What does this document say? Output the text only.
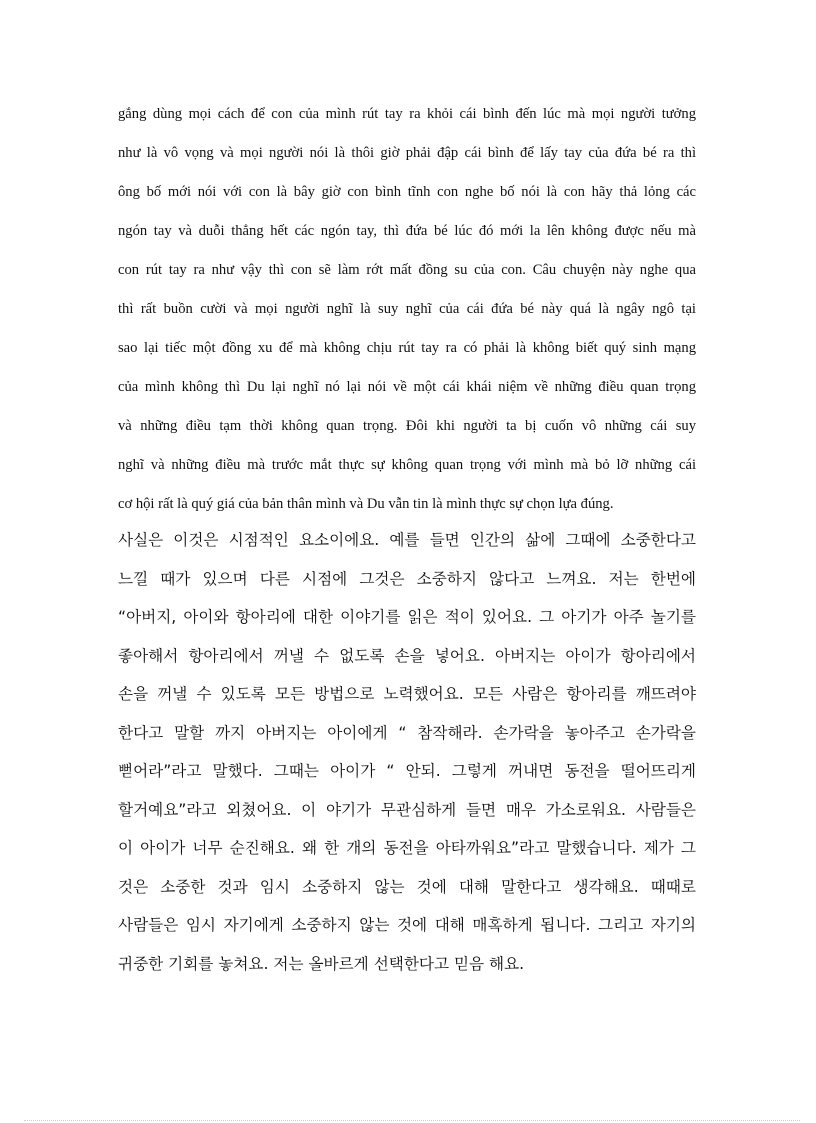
gắng dùng mọi cách để con của mình rút tay ra khỏi cái bình đến lúc mà mọi người tưởng
như là vô vọng và mọi người nói là thôi giờ phải đập cái bình để lấy tay của đứa bé ra thì
ông bố mới nói với con là bây giờ con bình tĩnh con nghe bố nói là con hãy thả lỏng các
ngón tay và duỗi thẳng hết các ngón tay, thì đứa bé lúc đó mới la lên không được nếu mà
con rút tay ra như vậy thì con sẽ làm rớt mất đồng su của con. Câu chuyện này nghe qua
thì rất buồn cười và mọi người nghĩ là suy nghĩ của cái đứa bé này quá là ngây ngô tại
sao lại tiếc một đồng xu để mà không chịu rút tay ra có phải là không biết quý sinh mạng
của mình không thì Du lại nghĩ nó lại nói về một cái khái niệm về những điều quan trọng
và những điều tạm thời không quan trọng. Đôi khi người ta bị cuốn vô những cái suy
nghĩ và những điều mà trước mắt thực sự không quan trọng với mình mà bỏ lỡ những cái
cơ hội rất là quý giá của bản thân mình và Du vẫn tin là mình thực sự chọn lựa đúng.
사실은 이것은 시점적인 요소이에요. 예를 들면 인간의 삶에 그때에 소중한다고
느낄 때가 있으며 다른 시점에 그것은 소중하지 않다고 느껴요. 저는 한번에
“아버지, 아이와 항아리에 대한 이야기를 읽은 적이 있어요. 그 아기가 아주 놀기를
좋아해서 항아리에서 꺼낼 수 없도록 손을 넣어요. 아버지는 아이가 항아리에서
손을 꺼낼 수 있도록 모든 방법으로 노력했어요. 모든 사람은 항아리를 깨뜨려야
한다고 말할 까지 아버지는 아이에게 “ 참작해라. 손가락을 놓아주고 손가락을
뻗어라”라고 말했다. 그때는 아이가 “ 안되. 그렇게 꺼내면 동전을 떨어뜨리게
할거예요”라고 외쳤어요. 이 야기가 무관심하게 들면 매우 가소로워요. 사람들은
이 아이가 너무 순진해요. 왜 한 개의 동전을 아타까워요”라고 말했습니다. 제가 그
것은 소중한 것과 임시 소중하지 않는 것에 대해 말한다고 생각해요. 때때로
사람들은 임시 자기에게 소중하지 않는 것에 대해 매혹하게 됩니다. 그리고 자기의
귀중한 기회를 놓쳐요. 저는 올바르게 선택한다고 믿음 해요.
